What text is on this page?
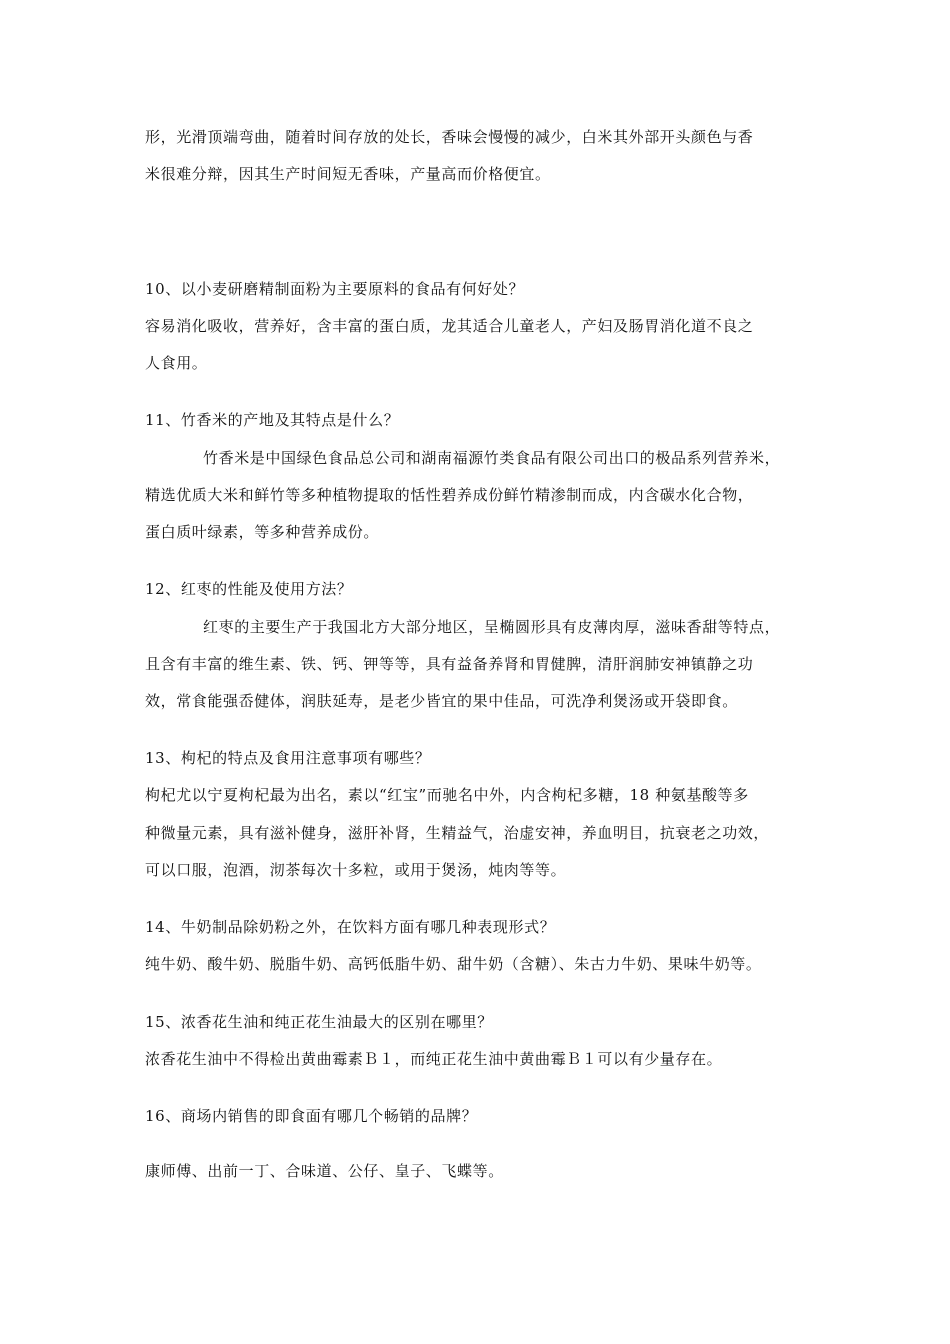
形，光滑顶端弯曲，随着时间存放的处长，香味会慢慢的减少，白米其外部开头颜色与香
米很难分辩，因其生产时间短无香味，产量高而价格便宜。
10、以小麦研磨精制面粉为主要原料的食品有何好处？
容易消化吸收，营养好，含丰富的蛋白质，龙其适合儿童老人，产妇及肠胃消化道不良之
人食用。
11、竹香米的产地及其特点是什么？
竹香米是中国绿色食品总公司和湖南福源竹类食品有限公司出口的极品系列营养米，
精选优质大米和鲜竹等多种植物提取的恬性碧养成份鲜竹精渗制而成，内含碳水化合物，
蛋白质叶绿素，等多种营养成份。
12、红枣的性能及使用方法？
红枣的主要生产于我国北方大部分地区，呈椭圆形具有皮薄肉厚，滋味香甜等特点，
且含有丰富的维生素、铁、钙、钾等等，具有益备养肾和胃健脾，清肝润肺安神镇静之功
效，常食能强岙健体，润肤延寿，是老少皆宜的果中佳品，可洗净利煲汤或开袋即食。
13、枸杞的特点及食用注意事项有哪些？
枸杞尤以宁夏枸杞最为出名，素以“红宝”而驰名中外，内含枸杞多糖，18 种氨基酸等多
种微量元素，具有滋补健身，滋肝补肾，生精益气，治虚安神，养血明目，抗衰老之功效，
可以口服，泡酒，沏茶每次十多粒，或用于煲汤，炖肉等等。
14、牛奶制品除奶粉之外，在饮料方面有哪几种表现形式？
纯牛奶、酸牛奶、脱脂牛奶、高钙低脂牛奶、甜牛奶（含糖）、朱古力牛奶、果味牛奶等。
15、浓香花生油和纯正花生油最大的区别在哪里？
浓香花生油中不得检出黄曲霉素Ｂ１，而纯正花生油中黄曲霉Ｂ１可以有少量存在。
16、商场内销售的即食面有哪几个畅销的品牌？
康师傅、出前一丁、合味道、公仔、皇子、飞蝶等。
